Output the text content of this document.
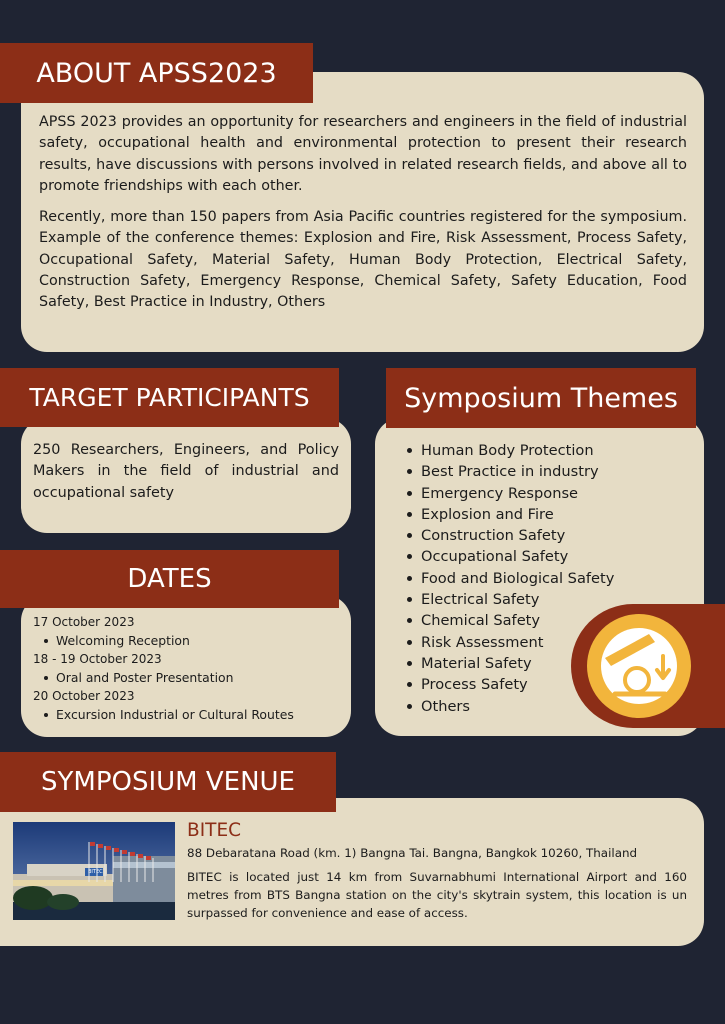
APSS 2023 provides an opportunity for researchers and engineers in the field of industrial safety, occupational health and environmental protection to present their research results, have discussions with persons involved in related research fields, and above all to promote friendships with each other.

Recently, more than 150 papers from Asia Pacific countries registered for the symposium. Example of the conference themes: Explosion and Fire, Risk Assessment, Process Safety, Occupational Safety, Material Safety, Human Body Protection, Electrical Safety, Construction Safety, Emergency Response, Chemical Safety, Safety Education, Food Safety, Best Practice in Industry, Others

ABOUT APSS2023

250 Researchers, Engineers, and Policy Makers in the field of industrial and occupational safety

TARGET PARTICIPANTS
Human Body Protection
Best Practice in industry
Emergency Response
Explosion and Fire
Construction Safety
Occupational Safety
Food and Biological Safety
Electrical Safety
Chemical Safety
Risk Assessment
Material Safety
Process Safety
Others
Symposium Themes
17 October 2023
Welcoming Reception
18 - 19 October 2023
Oral and Poster Presentation
20 October 2023
Excursion Industrial or Cultural Routes
DATES
BITEC
BITEC
88 Debaratana Road (km. 1) Bangna Tai. Bangna, Bangkok 10260, Thailand

BITEC is located just 14 km from Suvarnabhumi International Airport and 160 metres from BTS Bangna station on the city's skytrain system, this location is un surpassed for convenience and ease of access.

SYMPOSIUM VENUE
